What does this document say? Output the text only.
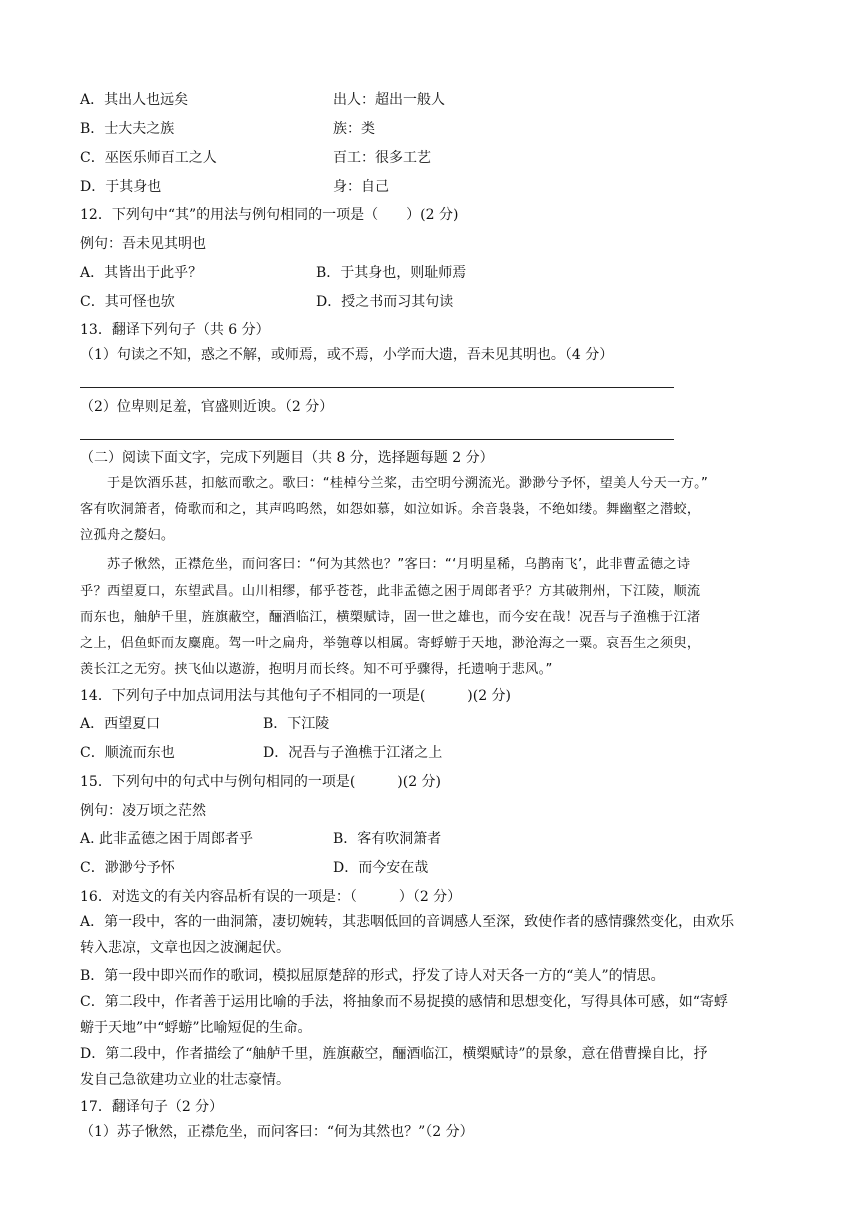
A．其出人也远矣	出人：超出一般人
B．士大夫之族	族：类
C．巫医乐师百工之人	百工：很多工艺
D．于其身也	身：自己
12．下列句中“其”的用法与例句相同的一项是（　　）(2 分)
例句：吾未见其明也
A．其皆出于此乎？	B．于其身也，则耻师焉
C．其可怪也欤	D．授之书而习其句读
13．翻译下列句子（共 6 分）
（1）句读之不知，惑之不解，或师焉，或不焉，小学而大遗，吾未见其明也。（4 分）
（2）位卑则足羞，官盛则近谀。（2 分）
（二）阅读下面文字，完成下列题目（共 8 分，选择题每题 2 分）
　　于是饮酒乐甚，扣舷而歌之。歌曰：“桂棹兮兰桨，击空明兮溯流光。渺渺兮予怀，望美人兮天一方。”
客有吹洞箫者，倚歌而和之，其声呜呜然，如怨如慕，如泣如诉。余音袅袅，不绝如缕。舞幽壑之潜蛟，
泣孤舟之嫠妇。
　　苏子愀然，正襟危坐，而问客曰：“何为其然也？”客曰：“‘月明星稀，乌鹊南飞’，此非曹孟德之诗
乎？西望夏口，东望武昌。山川相缪，郁乎苍苍，此非孟德之困于周郎者乎？方其破荆州，下江陵，顺流
而东也，舳舻千里，旌旗蔽空，酾酒临江，横槊赋诗，固一世之雄也，而今安在哉！况吾与子渔樵于江渚
之上，侣鱼虾而友麋鹿。驾一叶之扁舟，举匏尊以相属。寄蜉蝣于天地，渺沧海之一粟。哀吾生之须臾，
羡长江之无穷。挟飞仙以遨游，抱明月而长终。知不可乎骤得，托遗响于悲风。”
14．下列句子中加点词用法与其他句子不相同的一项是(　　　)(2 分)
A．西望夏口	B．下江陵
C．顺流而东也	D．况吾与子渔樵于江渚之上
15．下列句中的句式中与例句相同的一项是(　　　)(2 分)
例句：凌万顷之茫然
A. 此非孟德之困于周郎者乎	B．客有吹洞箫者
C．渺渺兮予怀	D．而今安在哉
16．对选文的有关内容品析有误的一项是：（　　　）（2 分）
A．第一段中，客的一曲洞箫，凄切婉转，其悲咽低回的音调感人至深，致使作者的感情骤然变化，由欢乐
转入悲凉，文章也因之波澜起伏。
B．第一段中即兴而作的歌词，模拟屈原楚辞的形式，抒发了诗人对天各一方的“美人”的情思。
C．第二段中，作者善于运用比喻的手法，将抽象而不易捉摸的感情和思想变化，写得具体可感，如“寄蜉
蝣于天地”中“蜉蝣”比喻短促的生命。
D．第二段中，作者描绘了“舳舻千里，旌旗蔽空，酾酒临江，横槊赋诗”的景象，意在借曹操自比，抒
发自己急欲建功立业的壮志豪情。
17．翻译句子（2 分）
（1）苏子愀然，正襟危坐，而问客曰：“何为其然也？”（2 分）
